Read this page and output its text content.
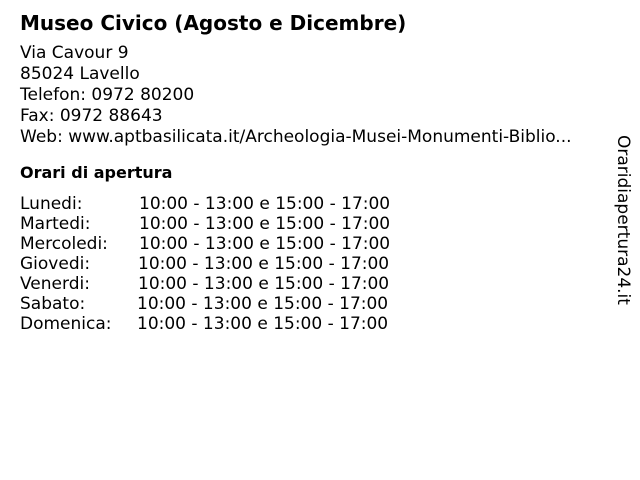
Museo Civico (Agosto e Dicembre)
Via Cavour 9
85024 Lavello
Telefon: 0972 80200
Fax: 0972 88643
Web: www.aptbasilicata.it/Archeologia-Musei-Monumenti-Biblio...
Orari di apertura
Lunedi:	10:00 - 13:00 e 15:00 - 17:00
Martedi:	10:00 - 13:00 e 15:00 - 17:00
Mercoledi: 10:00 - 13:00 e 15:00 - 17:00
Giovedi:	10:00 - 13:00 e 15:00 - 17:00
Venerdi:	10:00 - 13:00 e 15:00 - 17:00
Sabato:	10:00 - 13:00 e 15:00 - 17:00
Domenica: 10:00 - 13:00 e 15:00 - 17:00
Oraridiapertura24.it
